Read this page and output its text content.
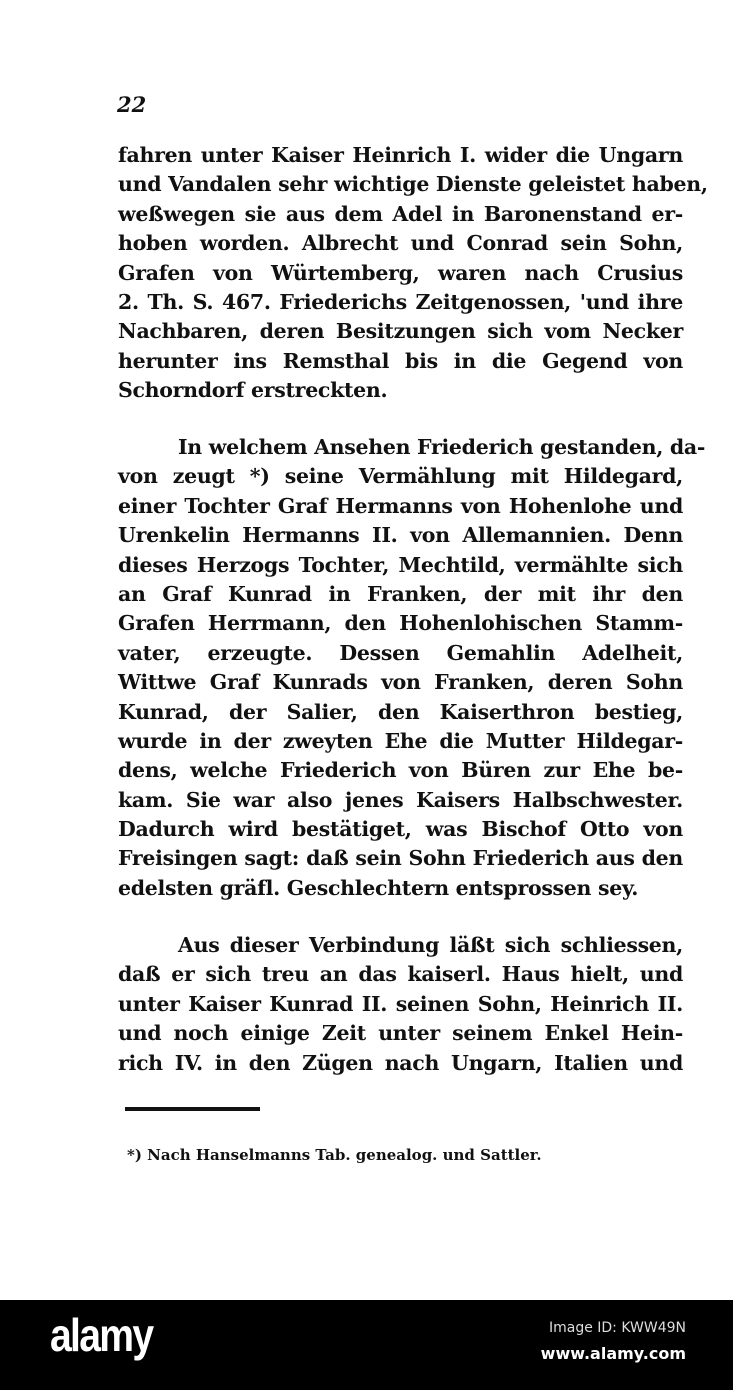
22
fahren unter Kaiser Heinrich I. wider die Ungarn
und Vandalen sehr wichtige Dienste geleistet haben,
weßwegen sie aus dem Adel in Baronenstand er-
hoben worden. Albrecht und Conrad sein Sohn,
Grafen von Würtemberg, waren nach Crusius
2. Th. S. 467. Friederichs Zeitgenossen, 'und ihre
Nachbaren, deren Besitzungen sich vom Necker
herunter ins Remsthal bis in die Gegend von
Schorndorf erstreckten.
In welchem Ansehen Friederich gestanden, da-
von zeugt *) seine Vermählung mit Hildegard,
einer Tochter Graf Hermanns von Hohenlohe und
Urenkelin Hermanns II. von Allemannien. Denn
dieses Herzogs Tochter, Mechtild, vermählte sich
an Graf Kunrad in Franken, der mit ihr den
Grafen Herrmann, den Hohenlohischen Stamm-
vater, erzeugte. Dessen Gemahlin Adelheit,
Wittwe Graf Kunrads von Franken, deren Sohn
Kunrad, der Salier, den Kaiserthron bestieg,
wurde in der zweyten Ehe die Mutter Hildegar-
dens, welche Friederich von Büren zur Ehe be-
kam. Sie war also jenes Kaisers Halbschwester.
Dadurch wird bestätiget, was Bischof Otto von
Freisingen sagt: daß sein Sohn Friederich aus den
edelsten gräfl. Geschlechtern entsprossen sey.
Aus dieser Verbindung läßt sich schliessen,
daß er sich treu an das kaiserl. Haus hielt, und
unter Kaiser Kunrad II. seinen Sohn, Heinrich II.
und noch einige Zeit unter seinem Enkel Hein-
rich IV. in den Zügen nach Ungarn, Italien und
*) Nach Hanselmanns Tab. genealog. und Sattler.
alamy	Image ID: KWW49N
www.alamy.com
